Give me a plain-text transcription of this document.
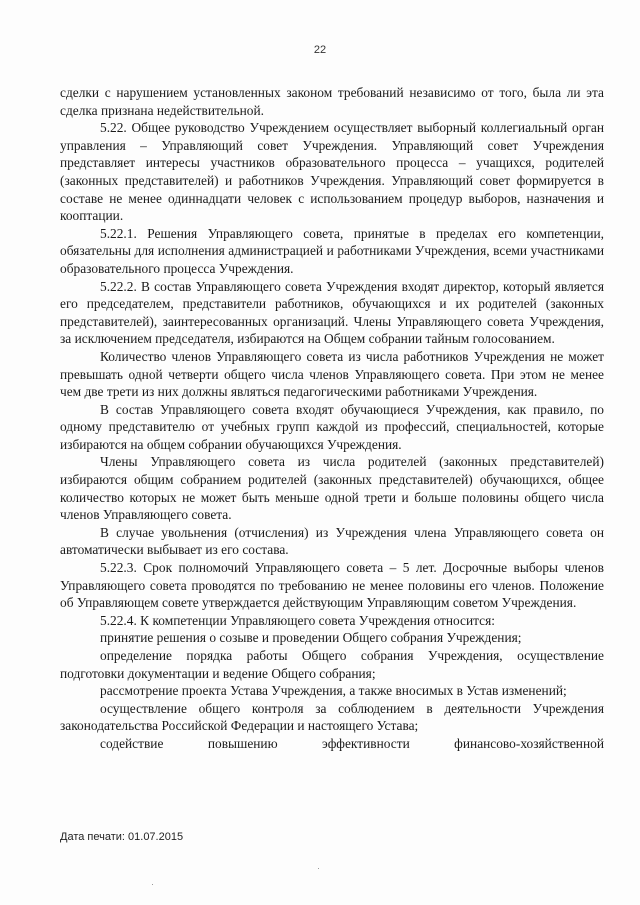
22

сделки с нарушением установленных законом требований независимо от того, была ли эта сделка признана недействительной.

5.22. Общее руководство Учреждением осуществляет выборный коллегиальный орган управления – Управляющий совет Учреждения. Управляющий совет Учреждения представляет интересы участников образовательного процесса – учащихся, родителей (законных представителей) и работников Учреждения. Управляющий совет формируется в составе не менее одиннадцати человек с использованием процедур выборов, назначения и кооптации.

5.22.1. Решения Управляющего совета, принятые в пределах его компетенции, обязательны для исполнения администрацией и работниками Учреждения, всеми участниками образовательного процесса Учреждения.

5.22.2. В состав Управляющего совета Учреждения входят директор, который является его председателем, представители работников, обучающихся и их родителей (законных представителей), заинтересованных организаций. Члены Управляющего совета Учреждения, за исключением председателя, избираются на Общем собрании тайным голосованием.

Количество членов Управляющего совета из числа работников Учреждения не может превышать одной четверти общего числа членов Управляющего совета. При этом не менее чем две трети из них должны являться педагогическими работниками Учреждения.

В состав Управляющего совета входят обучающиеся Учреждения, как правило, по одному представителю от учебных групп каждой из профессий, специальностей, которые избираются на общем собрании обучающихся Учреждения.

Члены Управляющего совета из числа родителей (законных представителей) избираются общим собранием родителей (законных представителей) обучающихся, общее количество которых не может быть меньше одной трети и больше половины общего числа членов Управляющего совета.

В случае увольнения (отчисления) из Учреждения члена Управляющего совета он автоматически выбывает из его состава.

5.22.3. Срок полномочий Управляющего совета – 5 лет. Досрочные выборы членов Управляющего совета проводятся по требованию не менее половины его членов. Положение об Управляющем совете утверждается действующим Управляющим советом Учреждения.

5.22.4. К компетенции Управляющего совета Учреждения относится:

принятие решения о созыве и проведении Общего собрания Учреждения;

определение порядка работы Общего собрания Учреждения, осуществление подготовки документации и ведение Общего собрания;

рассмотрение проекта Устава Учреждения, а также вносимых в Устав изменений;

осуществление общего контроля за соблюдением в деятельности Учреждения законодательства Российской Федерации и настоящего Устава;

содействие повышению эффективности финансово-хозяйственной

Дата печати: 01.07.2015
